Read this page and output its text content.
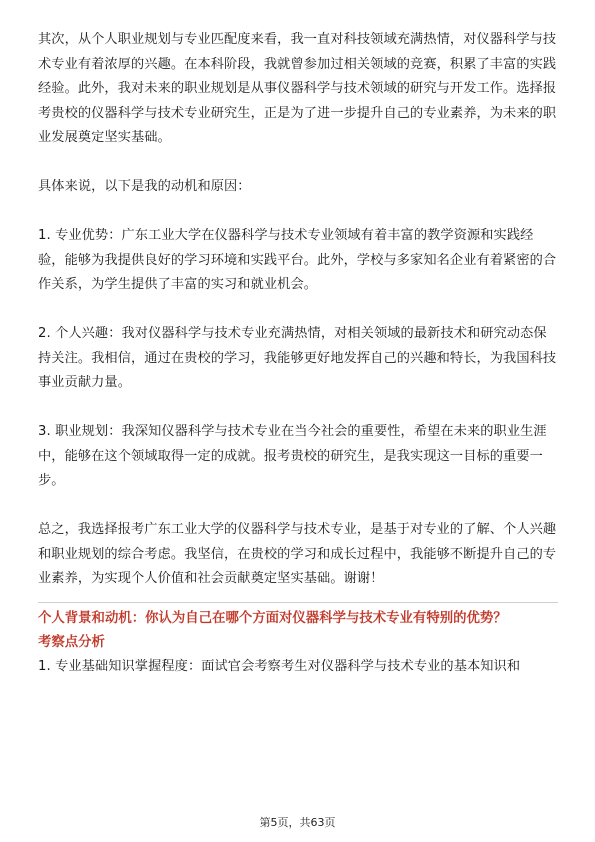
其次，从个人职业规划与专业匹配度来看，我一直对科技领域充满热情，对仪器科学与技术专业有着浓厚的兴趣。在本科阶段，我就曾参加过相关领域的竞赛，积累了丰富的实践经验。此外，我对未来的职业规划是从事仪器科学与技术领域的研究与开发工作。选择报考贵校的仪器科学与技术专业研究生，正是为了进一步提升自己的专业素养，为未来的职业发展奠定坚实基础。

具体来说，以下是我的动机和原因：

1. 专业优势：广东工业大学在仪器科学与技术专业领域有着丰富的教学资源和实践经验，能够为我提供良好的学习环境和实践平台。此外，学校与多家知名企业有着紧密的合作关系，为学生提供了丰富的实习和就业机会。

2. 个人兴趣：我对仪器科学与技术专业充满热情，对相关领域的最新技术和研究动态保持关注。我相信，通过在贵校的学习，我能够更好地发挥自己的兴趣和特长，为我国科技事业贡献力量。

3. 职业规划：我深知仪器科学与技术专业在当今社会的重要性，希望在未来的职业生涯中，能够在这个领域取得一定的成就。报考贵校的研究生，是我实现这一目标的重要一步。

总之，我选择报考广东工业大学的仪器科学与技术专业，是基于对专业的了解、个人兴趣和职业规划的综合考虑。我坚信，在贵校的学习和成长过程中，我能够不断提升自己的专业素养，为实现个人价值和社会贡献奠定坚实基础。谢谢！

个人背景和动机：你认为自己在哪个方面对仪器科学与技术专业有特别的优势？

考察点分析

1. 专业基础知识掌握程度：面试官会考察考生对仪器科学与技术专业的基本知识和

第5页，共63页
